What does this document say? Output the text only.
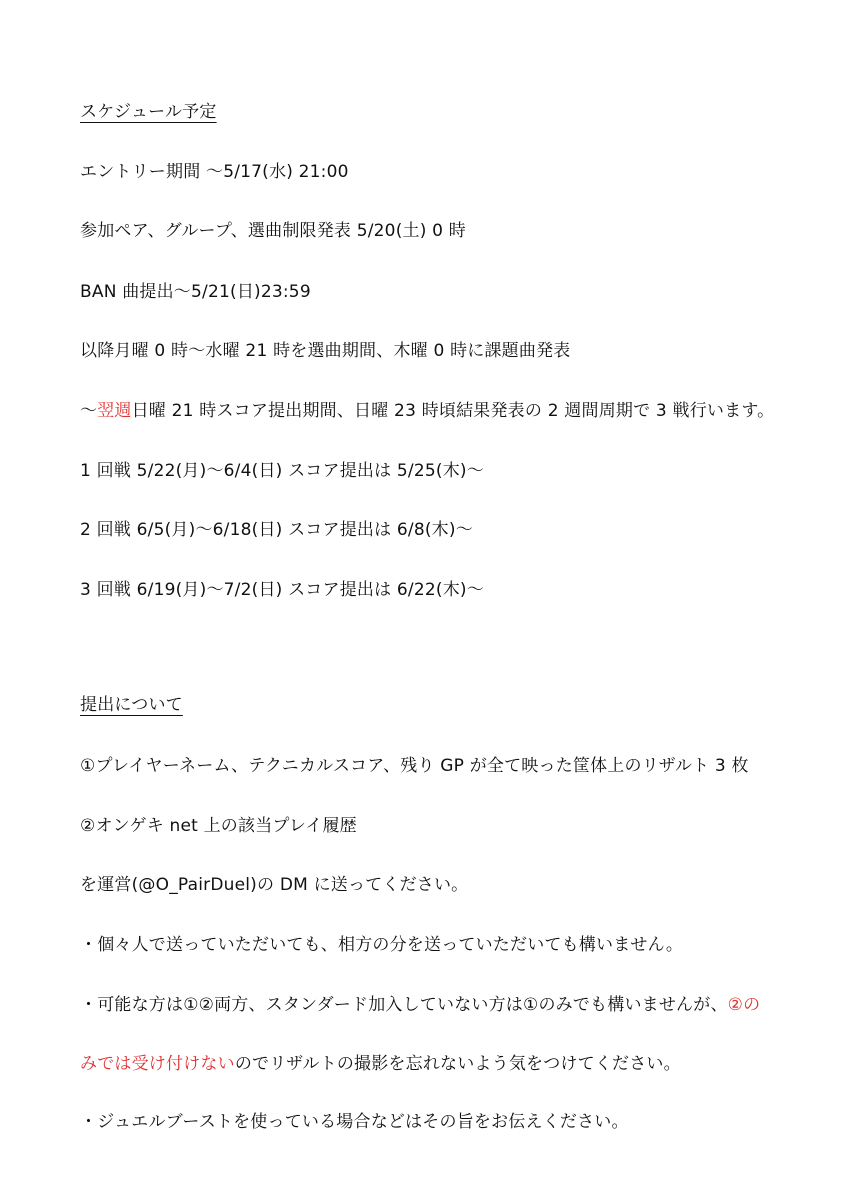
スケジュール予定
エントリー期間 ～5/17(水) 21:00
参加ペア、グループ、選曲制限発表 5/20(土) 0 時
BAN 曲提出～5/21(日)23:59
以降月曜 0 時～水曜 21 時を選曲期間、木曜 0 時に課題曲発表
～翌週日曜 21 時スコア提出期間、日曜 23 時頃結果発表の 2 週間周期で 3 戦行います。
1 回戦 5/22(月)～6/4(日) スコア提出は 5/25(木)～
2 回戦 6/5(月)～6/18(日) スコア提出は 6/8(木)～
3 回戦 6/19(月)～7/2(日) スコア提出は 6/22(木)～
提出について
①プレイヤーネーム、テクニカルスコア、残り GP が全て映った筐体上のリザルト 3 枚
②オンゲキ net 上の該当プレイ履歴
を運営(@O_PairDuel)の DM に送ってください。
・個々人で送っていただいても、相方の分を送っていただいても構いません。
・可能な方は①②両方、スタンダード加入していない方は①のみでも構いませんが、②の
みでは受け付けないのでリザルトの撮影を忘れないよう気をつけてください。
・ジュエルブーストを使っている場合などはその旨をお伝えください。
